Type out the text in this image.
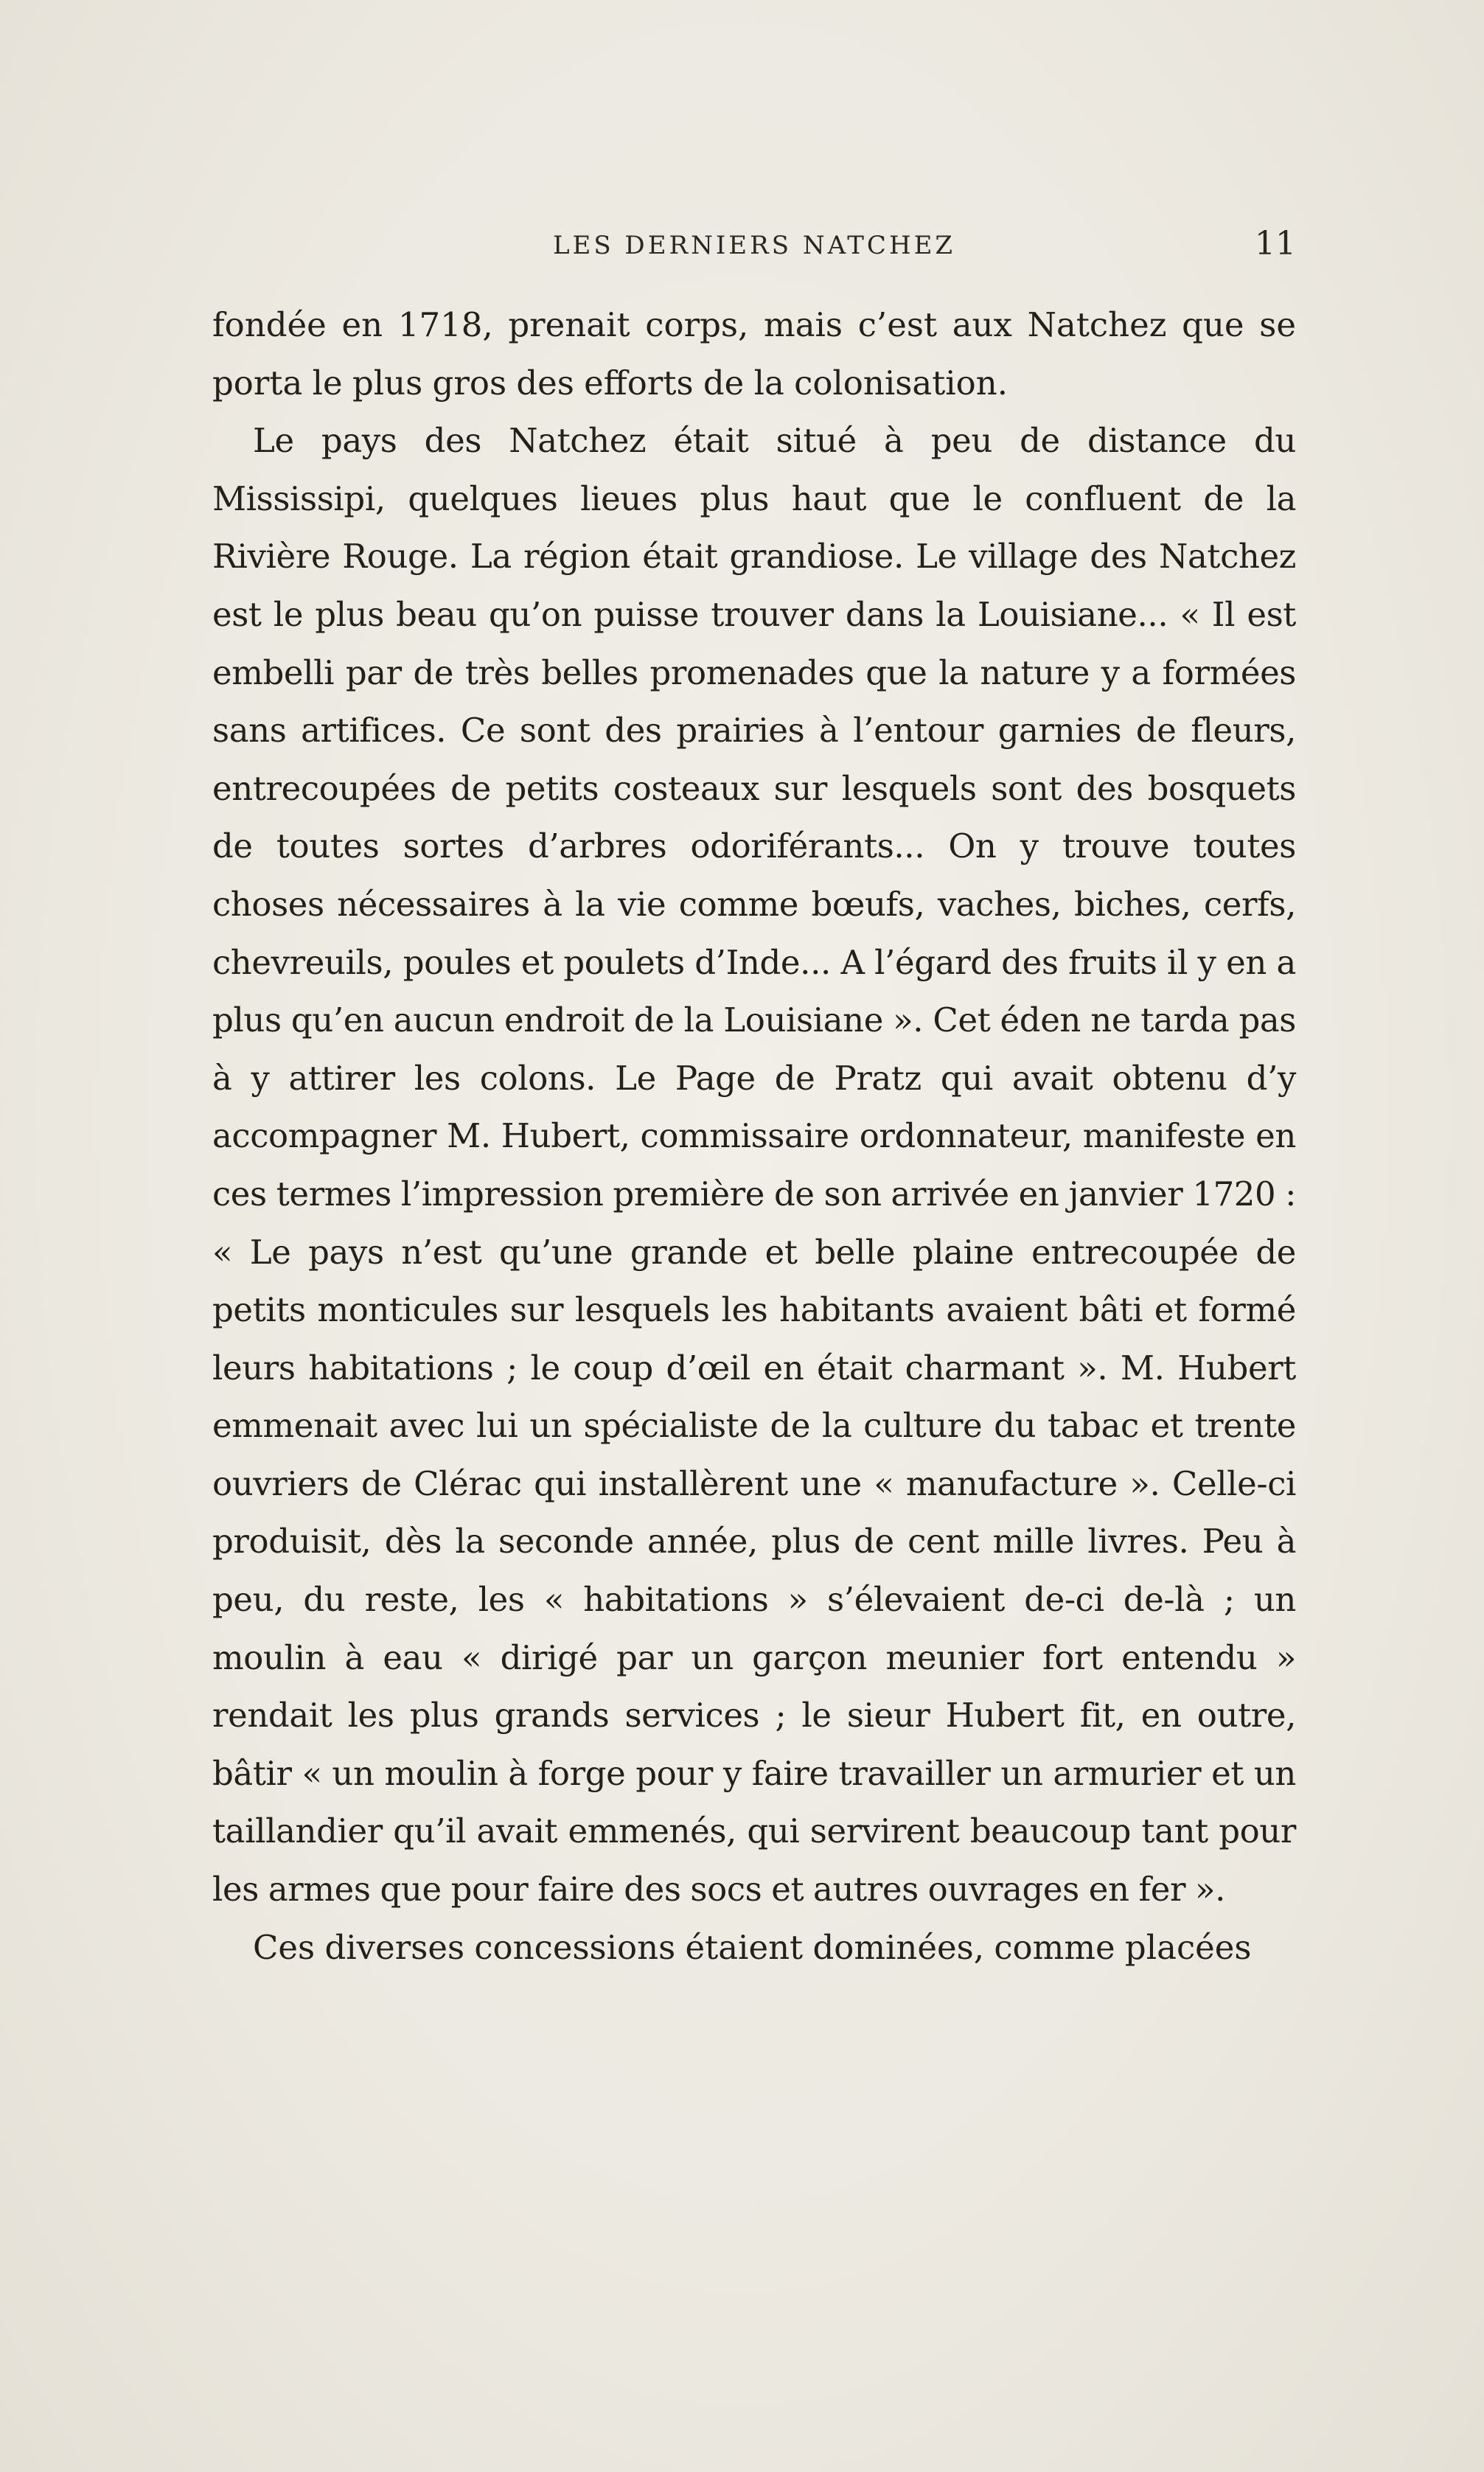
LES DERNIERS NATCHEZ	11

fondée en 1718, prenait corps, mais c’est aux Natchez que se porta le plus gros des efforts de la colonisation.

Le pays des Natchez était situé à peu de distance du Mississipi, quelques lieues plus haut que le confluent de la Rivière Rouge. La région était grandiose. Le village des Natchez est le plus beau qu’on puisse trouver dans la Louisiane... « Il est embelli par de très belles promenades que la nature y a formées sans artifices. Ce sont des prairies à l’entour garnies de fleurs, entrecoupées de petits costeaux sur lesquels sont des bosquets de toutes sortes d’arbres odoriférants... On y trouve toutes choses nécessaires à la vie comme bœufs, vaches, biches, cerfs, chevreuils, poules et poulets d’Inde... A l’égard des fruits il y en a plus qu’en aucun endroit de la Louisiane ». Cet éden ne tarda pas à y attirer les colons. Le Page de Pratz qui avait obtenu d’y accompagner M. Hubert, commissaire ordonnateur, manifeste en ces termes l’impression première de son arrivée en janvier 1720 : « Le pays n’est qu’une grande et belle plaine entrecoupée de petits monticules sur lesquels les habitants avaient bâti et formé leurs habitations ; le coup d’œil en était charmant ». M. Hubert emmenait avec lui un spécialiste de la culture du tabac et trente ouvriers de Clérac qui installèrent une « manufacture ». Celle-ci produisit, dès la seconde année, plus de cent mille livres. Peu à peu, du reste, les « habitations » s’élevaient de-ci de-là ; un moulin à eau « dirigé par un garçon meunier fort entendu » rendait les plus grands services ; le sieur Hubert fit, en outre, bâtir « un moulin à forge pour y faire travailler un armurier et un taillandier qu’il avait emmenés, qui servirent beaucoup tant pour les armes que pour faire des socs et autres ouvrages en fer ».

Ces diverses concessions étaient dominées, comme placées
